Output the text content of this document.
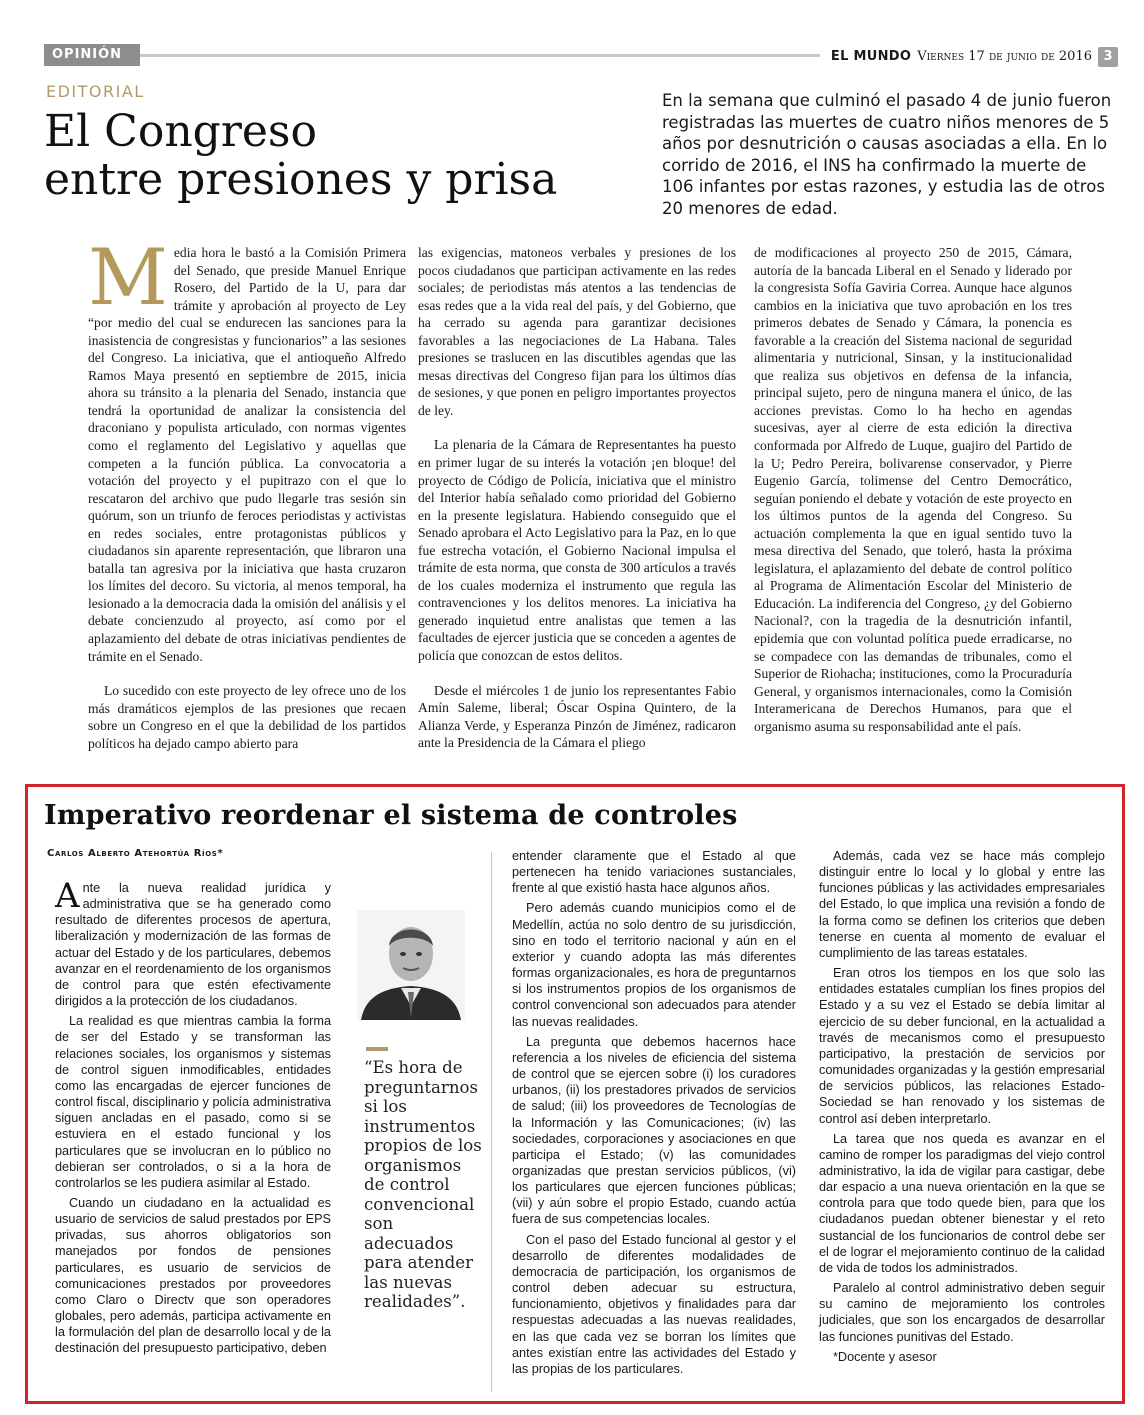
OPINIÓN	EL MUNDO Viernes 17 de junio de 2016 3
EDITORIAL
El Congreso
entre presiones y prisa

En la semana que culminó el pasado 4 de junio fueron registradas las muertes de cuatro niños menores de 5 años por desnutrición o causas asociadas a ella. En lo corrido de 2016, el INS ha confirmado la muerte de 106 infantes por estas razones, y estudia las de otros 20 menores de edad.

Media hora le bastó a la Comisión Primera del Senado, que preside Manuel Enrique Rosero, del Partido de la U, para dar trámite y aprobación al proyecto de Ley “por medio del cual se endurecen las sanciones para la inasistencia de congresistas y funcionarios” a las sesiones del Congreso. La iniciativa, que el antioqueño Alfredo Ramos Maya presentó en septiembre de 2015, inicia ahora su tránsito a la plenaria del Senado, instancia que tendrá la oportunidad de analizar la consistencia del draconiano y populista articulado, con normas vigentes como el reglamento del Legislativo y aquellas que competen a la función pública. La convocatoria a votación del proyecto y el pupitrazo con el que lo rescataron del archivo que pudo llegarle tras sesión sin quórum, son un triunfo de feroces periodistas y activistas en redes sociales, entre protagonistas públicos y ciudadanos sin aparente representación, que libraron una batalla tan agresiva por la iniciativa que hasta cruzaron los límites del decoro. Su victoria, al menos temporal, ha lesionado a la democracia dada la omisión del análisis y el debate concienzudo al proyecto, así como por el aplazamiento del debate de otras iniciativas pendientes de trámite en el Senado.

Lo sucedido con este proyecto de ley ofrece uno de los más dramáticos ejemplos de las presiones que recaen sobre un Congreso en el que la debilidad de los partidos políticos ha dejado campo abierto para

las exigencias, matoneos verbales y presiones de los pocos ciudadanos que participan activamente en las redes sociales; de periodistas más atentos a las tendencias de esas redes que a la vida real del país, y del Gobierno, que ha cerrado su agenda para garantizar decisiones favorables a las negociaciones de La Habana. Tales presiones se traslucen en las discutibles agendas que las mesas directivas del Congreso fijan para los últimos días de sesiones, y que ponen en peligro importantes proyectos de ley.

La plenaria de la Cámara de Representantes ha puesto en primer lugar de su interés la votación ¡en bloque! del proyecto de Código de Policía, iniciativa que el ministro del Interior había señalado como prioridad del Gobierno en la presente legislatura. Habiendo conseguido que el Senado aprobara el Acto Legislativo para la Paz, en lo que fue estrecha votación, el Gobierno Nacional impulsa el trámite de esta norma, que consta de 300 artículos a través de los cuales moderniza el instrumento que regula las contravenciones y los delitos menores. La iniciativa ha generado inquietud entre analistas que temen a las facultades de ejercer justicia que se conceden a agentes de policía que conozcan de estos delitos.

Desde el miércoles 1 de junio los representantes Fabio Amín Saleme, liberal; Óscar Ospina Quintero, de la Alianza Verde, y Esperanza Pinzón de Jiménez, radicaron ante la Presidencia de la Cámara el pliego

de modificaciones al proyecto 250 de 2015, Cámara, autoría de la bancada Liberal en el Senado y liderado por la congresista Sofía Gaviria Correa. Aunque hace algunos cambios en la iniciativa que tuvo aprobación en los tres primeros debates de Senado y Cámara, la ponencia es favorable a la creación del Sistema nacional de seguridad alimentaria y nutricional, Sinsan, y la institucionalidad que realiza sus objetivos en defensa de la infancia, principal sujeto, pero de ninguna manera el único, de las acciones previstas. Como lo ha hecho en agendas sucesivas, ayer al cierre de esta edición la directiva conformada por Alfredo de Luque, guajiro del Partido de la U; Pedro Pereira, bolivarense conservador, y Pierre Eugenio García, tolimense del Centro Democrático, seguían poniendo el debate y votación de este proyecto en los últimos puntos de la agenda del Congreso. Su actuación complementa la que en igual sentido tuvo la mesa directiva del Senado, que toleró, hasta la próxima legislatura, el aplazamiento del debate de control político al Programa de Alimentación Escolar del Ministerio de Educación. La indiferencia del Congreso, ¿y del Gobierno Nacional?, con la tragedia de la desnutrición infantil, epidemia que con voluntad política puede erradicarse, no se compadece con las demandas de tribunales, como el Superior de Riohacha; instituciones, como la Procuraduría General, y organismos internacionales, como la Comisión Interamericana de Derechos Humanos, para que el organismo asuma su responsabilidad ante el país.

Imperativo reordenar el sistema de controles
Carlos Alberto Atehortúa Ríos*

Ante la nueva realidad jurídica y administrativa que se ha generado como resultado de diferentes procesos de apertura, liberalización y modernización de las formas de actuar del Estado y de los particulares, debemos avanzar en el reordenamiento de los organismos de control para que estén efectivamente dirigidos a la protección de los ciudadanos.

La realidad es que mientras cambia la forma de ser del Estado y se transforman las relaciones sociales, los organismos y sistemas de control siguen inmodificables, entidades como las encargadas de ejercer funciones de control fiscal, disciplinario y policía administrativa siguen ancladas en el pasado, como si se estuviera en el estado funcional y los particulares que se involucran en lo público no debieran ser controlados, o si a la hora de controlarlos se les pudiera asimilar al Estado.

Cuando un ciudadano en la actualidad es usuario de servicios de salud prestados por EPS privadas, sus ahorros obligatorios son manejados por fondos de pensiones particulares, es usuario de servicios de comunicaciones prestados por proveedores como Claro o Directv que son operadores globales, pero además, participa activamente en la formulación del plan de desarrollo local y de la destinación del presupuesto participativo, deben

“Es hora de preguntarnos si los instrumentos propios de los organismos de control convencional son adecuados para atender las nuevas realidades”.

entender claramente que el Estado al que pertenecen ha tenido variaciones sustanciales, frente al que existió hasta hace algunos años.

Pero además cuando municipios como el de Medellín, actúa no solo dentro de su jurisdicción, sino en todo el territorio nacional y aún en el exterior y cuando adopta las más diferentes formas organizacionales, es hora de preguntarnos si los instrumentos propios de los organismos de control convencional son adecuados para atender las nuevas realidades.

La pregunta que debemos hacernos hace referencia a los niveles de eficiencia del sistema de control que se ejercen sobre (i) los curadores urbanos, (ii) los prestadores privados de servicios de salud; (iii) los proveedores de Tecnologías de la Información y las Comunicaciones; (iv) las sociedades, corporaciones y asociaciones en que participa el Estado; (v) las comunidades organizadas que prestan servicios públicos, (vi) los particulares que ejercen funciones públicas; (vii) y aún sobre el propio Estado, cuando actúa fuera de sus competencias locales.

Con el paso del Estado funcional al gestor y el desarrollo de diferentes modalidades de democracia de participación, los organismos de control deben adecuar su estructura, funcionamiento, objetivos y finalidades para dar respuestas adecuadas a las nuevas realidades, en las que cada vez se borran los límites que antes existían entre las actividades del Estado y las propias de los particulares.

Además, cada vez se hace más complejo distinguir entre lo local y lo global y entre las funciones públicas y las actividades empresariales del Estado, lo que implica una revisión a fondo de la forma como se definen los criterios que deben tenerse en cuenta al momento de evaluar el cumplimiento de las tareas estatales.

Eran otros los tiempos en los que solo las entidades estatales cumplían los fines propios del Estado y a su vez el Estado se debía limitar al ejercicio de su deber funcional, en la actualidad a través de mecanismos como el presupuesto participativo, la prestación de servicios por comunidades organizadas y la gestión empresarial de servicios públicos, las relaciones Estado-Sociedad se han renovado y los sistemas de control así deben interpretarlo.

La tarea que nos queda es avanzar en el camino de romper los paradigmas del viejo control administrativo, la ida de vigilar para castigar, debe dar espacio a una nueva orientación en la que se controla para que todo quede bien, para que los ciudadanos puedan obtener bienestar y el reto sustancial de los funcionarios de control debe ser el de lograr el mejoramiento continuo de la calidad de vida de todos los administrados.

Paralelo al control administrativo deben seguir su camino de mejoramiento los controles judiciales, que son los encargados de desarrollar las funciones punitivas del Estado.

*Docente y asesor
